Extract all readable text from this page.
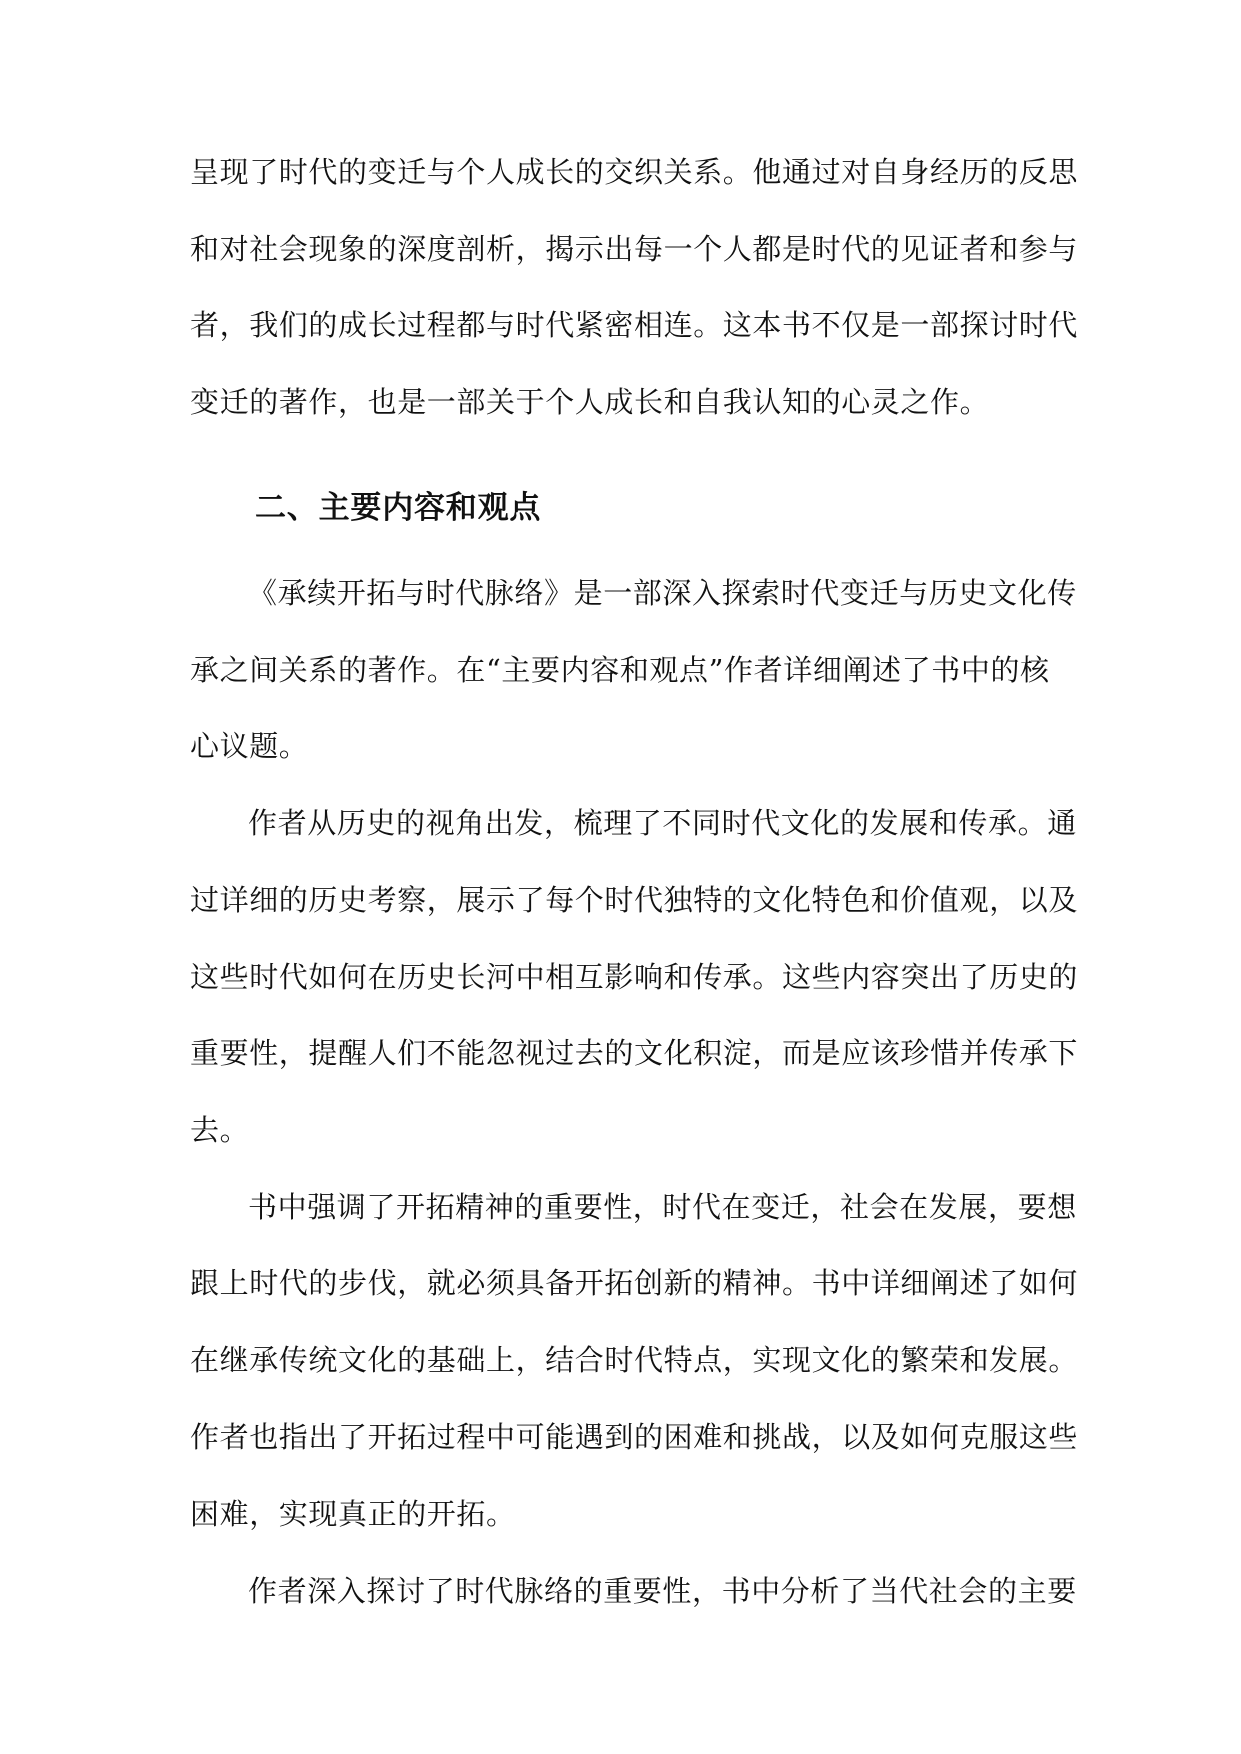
呈现了时代的变迁与个人成长的交织关系。他通过对自身经历的反思
和对社会现象的深度剖析，揭示出每一个人都是时代的见证者和参与
者，我们的成长过程都与时代紧密相连。这本书不仅是一部探讨时代
变迁的著作，也是一部关于个人成长和自我认知的心灵之作。
二、主要内容和观点
《承续开拓与时代脉络》是一部深入探索时代变迁与历史文化传
承之间关系的著作。在“主要内容和观点”作者详细阐述了书中的核
心议题。
作者从历史的视角出发，梳理了不同时代文化的发展和传承。通
过详细的历史考察，展示了每个时代独特的文化特色和价值观，以及
这些时代如何在历史长河中相互影响和传承。这些内容突出了历史的
重要性，提醒人们不能忽视过去的文化积淀，而是应该珍惜并传承下
去。
书中强调了开拓精神的重要性，时代在变迁，社会在发展，要想
跟上时代的步伐，就必须具备开拓创新的精神。书中详细阐述了如何
在继承传统文化的基础上，结合时代特点，实现文化的繁荣和发展。
作者也指出了开拓过程中可能遇到的困难和挑战，以及如何克服这些
困难，实现真正的开拓。
作者深入探讨了时代脉络的重要性，书中分析了当代社会的主要
